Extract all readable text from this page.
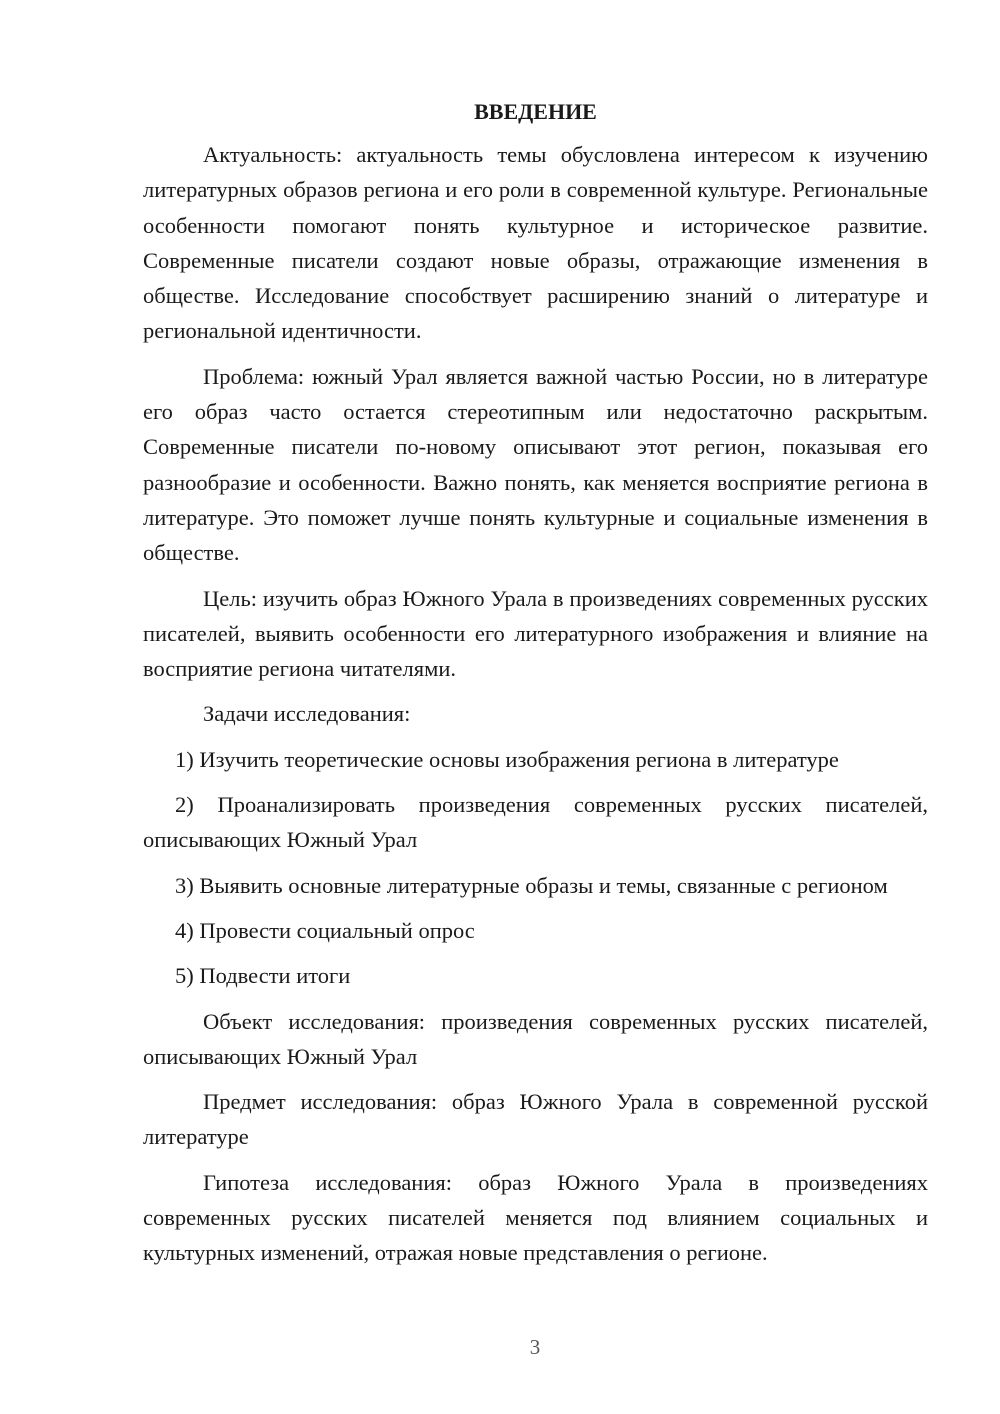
ВВЕДЕНИЕ

Актуальность: актуальность темы обусловлена интересом к изучению литературных образов региона и его роли в современной культуре. Региональные особенности помогают понять культурное и историческое развитие. Современные писатели создают новые образы, отражающие изменения в обществе. Исследование способствует расширению знаний о литературе и региональной идентичности.

Проблема: южный Урал является важной частью России, но в литературе его образ часто остается стереотипным или недостаточно раскрытым. Современные писатели по-новому описывают этот регион, показывая его разнообразие и особенности. Важно понять, как меняется восприятие региона в литературе. Это поможет лучше понять культурные и социальные изменения в обществе.

Цель: изучить образ Южного Урала в произведениях современных русских писателей, выявить особенности его литературного изображения и влияние на восприятие региона читателями.

Задачи исследования:

1) Изучить теоретические основы изображения региона в литературе

2) Проанализировать произведения современных русских писателей, описывающих Южный Урал

3) Выявить основные литературные образы и темы, связанные с регионом

4) Провести социальный опрос

5) Подвести итоги

Объект исследования: произведения современных русских писателей, описывающих Южный Урал

Предмет исследования: образ Южного Урала в современной русской литературе

Гипотеза исследования: образ Южного Урала в произведениях современных русских писателей меняется под влиянием социальных и культурных изменений, отражая новые представления о регионе.

3
